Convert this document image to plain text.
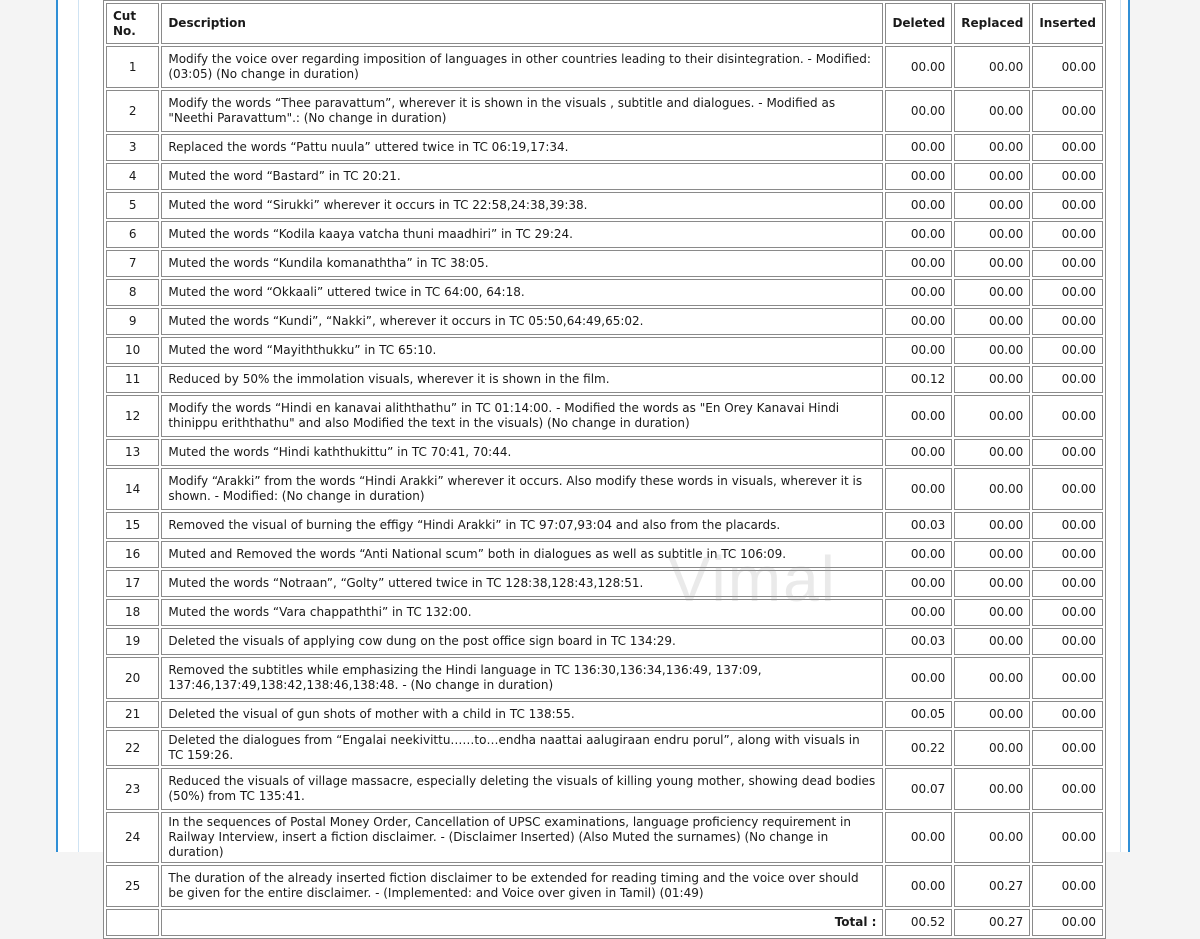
Cut No.	Description	Deleted	Replaced	Inserted
1	Modify the voice over regarding imposition of languages in other countries leading to their disintegration. - Modified: (03:05) (No change in duration)	00.00	00.00	00.00
2	Modify the words “Thee paravattum”, wherever it is shown in the visuals , subtitle and dialogues. - Modified as "Neethi Paravattum".: (No change in duration)	00.00	00.00	00.00
3	Replaced the words “Pattu nuula” uttered twice in TC 06:19,17:34.	00.00	00.00	00.00
4	Muted the word “Bastard” in TC 20:21.	00.00	00.00	00.00
5	Muted the word “Sirukki” wherever it occurs in TC 22:58,24:38,39:38.	00.00	00.00	00.00
6	Muted the words “Kodila kaaya vatcha thuni maadhiri” in TC 29:24.	00.00	00.00	00.00
7	Muted the words “Kundila komanaththa” in TC 38:05.	00.00	00.00	00.00
8	Muted the word “Okkaali” uttered twice in TC 64:00, 64:18.	00.00	00.00	00.00
9	Muted the words “Kundi”, “Nakki”, wherever it occurs in TC 05:50,64:49,65:02.	00.00	00.00	00.00
10	Muted the word “Mayiththukku” in TC 65:10.	00.00	00.00	00.00
11	Reduced by 50% the immolation visuals, wherever it is shown in the film.	00.12	00.00	00.00
12	Modify the words “Hindi en kanavai aliththathu” in TC 01:14:00. - Modified the words as "En Orey Kanavai Hindi thinippu eriththathu" and also Modified the text in the visuals) (No change in duration)	00.00	00.00	00.00
13	Muted the words “Hindi kaththukittu” in TC 70:41, 70:44.	00.00	00.00	00.00
14	Modify “Arakki” from the words “Hindi Arakki” wherever it occurs. Also modify these words in visuals, wherever it is shown. - Modified: (No change in duration)	00.00	00.00	00.00
15	Removed the visual of burning the effigy “Hindi Arakki” in TC 97:07,93:04 and also from the placards.	00.03	00.00	00.00
16	Muted and Removed the words “Anti National scum” both in dialogues as well as subtitle in TC 106:09.	00.00	00.00	00.00
17	Muted the words “Notraan”, “Golty” uttered twice in TC 128:38,128:43,128:51.	00.00	00.00	00.00
18	Muted the words “Vara chappaththi” in TC 132:00.	00.00	00.00	00.00
19	Deleted the visuals of applying cow dung on the post office sign board in TC 134:29.	00.03	00.00	00.00
20	Removed the subtitles while emphasizing the Hindi language in TC 136:30,136:34,136:49, 137:09, 137:46,137:49,138:42,138:46,138:48. - (No change in duration)	00.00	00.00	00.00
21	Deleted the visual of gun shots of mother with a child in TC 138:55.	00.05	00.00	00.00
22	Deleted the dialogues from “Engalai neekivittu……to…endha naattai aalugiraan endru porul”, along with visuals in TC 159:26.	00.22	00.00	00.00
23	Reduced the visuals of village massacre, especially deleting the visuals of killing young mother, showing dead bodies (50%) from TC 135:41.	00.07	00.00	00.00
24	In the sequences of Postal Money Order, Cancellation of UPSC examinations, language proficiency requirement in Railway Interview, insert a fiction disclaimer. - (Disclaimer Inserted) (Also Muted the surnames) (No change in duration)	00.00	00.00	00.00
25	The duration of the already inserted fiction disclaimer to be extended for reading timing and the voice over should be given for the entire disclaimer. - (Implemented: and Voice over given in Tamil) (01:49)	00.00	00.27	00.00
	Total :	00.52	00.27	00.00
Vimal
